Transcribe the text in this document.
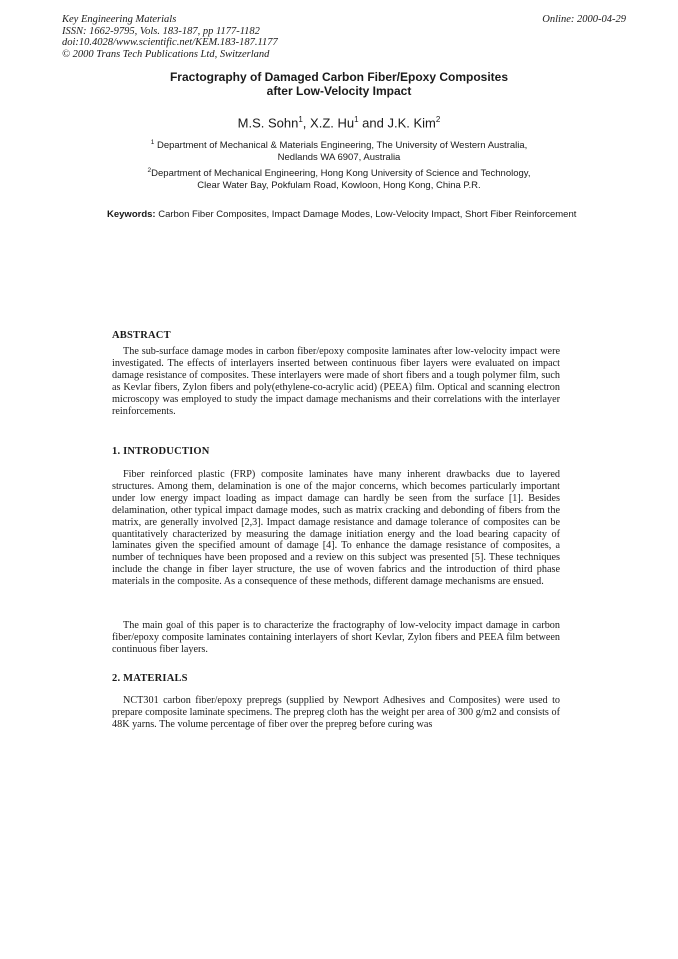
Key Engineering Materials
ISSN: 1662-9795, Vols. 183-187, pp 1177-1182
doi:10.4028/www.scientific.net/KEM.183-187.1177
© 2000 Trans Tech Publications Ltd, Switzerland
Online: 2000-04-29
Fractography of Damaged Carbon Fiber/Epoxy Composites
after Low-Velocity Impact
M.S. Sohn$^1$, X.Z. Hu$^1$ and J.K. Kim$^2$
$^1$ Department of Mechanical & Materials Engineering, The University of Western Australia,
Nedlands WA 6907, Australia
$^2$Department of Mechanical Engineering, Hong Kong University of Science and Technology,
Clear Water Bay, Pokfulam Road, Kowloon, Hong Kong, China P.R.
Keywords: Carbon Fiber Composites, Impact Damage Modes, Low-Velocity Impact, Short Fiber Reinforcement
ABSTRACT

The sub-surface damage modes in carbon fiber/epoxy composite laminates after low-velocity impact were investigated. The effects of interlayers inserted between continuous fiber layers were evaluated on impact damage resistance of composites. These interlayers were made of short fibers and a tough polymer film, such as Kevlar fibers, Zylon fibers and poly(ethylene-co-acrylic acid) (PEEA) film. Optical and scanning electron microscopy was employed to study the impact damage mechanisms and their correlations with the interlayer reinforcements.

1. INTRODUCTION

Fiber reinforced plastic (FRP) composite laminates have many inherent drawbacks due to layered structures. Among them, delamination is one of the major concerns, which becomes particularly important under low energy impact loading as impact damage can hardly be seen from the surface [1]. Besides delamination, other typical impact damage modes, such as matrix cracking and debonding of fibers from the matrix, are generally involved [2,3]. Impact damage resistance and damage tolerance of composites can be quantitatively characterized by measuring the damage initiation energy and the load bearing capacity of laminates given the specified amount of damage [4]. To enhance the damage resistance of composites, a number of techniques have been proposed and a review on this subject was presented [5]. These techniques include the change in fiber layer structure, the use of woven fabrics and the introduction of third phase materials in the composite. As a consequence of these methods, different damage mechanisms are ensued.

The main goal of this paper is to characterize the fractography of low-velocity impact damage in carbon fiber/epoxy composite laminates containing interlayers of short Kevlar, Zylon fibers and PEEA film between continuous fiber layers.

2. MATERIALS

NCT301 carbon fiber/epoxy prepregs (supplied by Newport Adhesives and Composites) were used to prepare composite laminate specimens. The prepreg cloth has the weight per area of 300 g/m2 and consists of 48K yarns. The volume percentage of fiber over the prepreg before curing was
